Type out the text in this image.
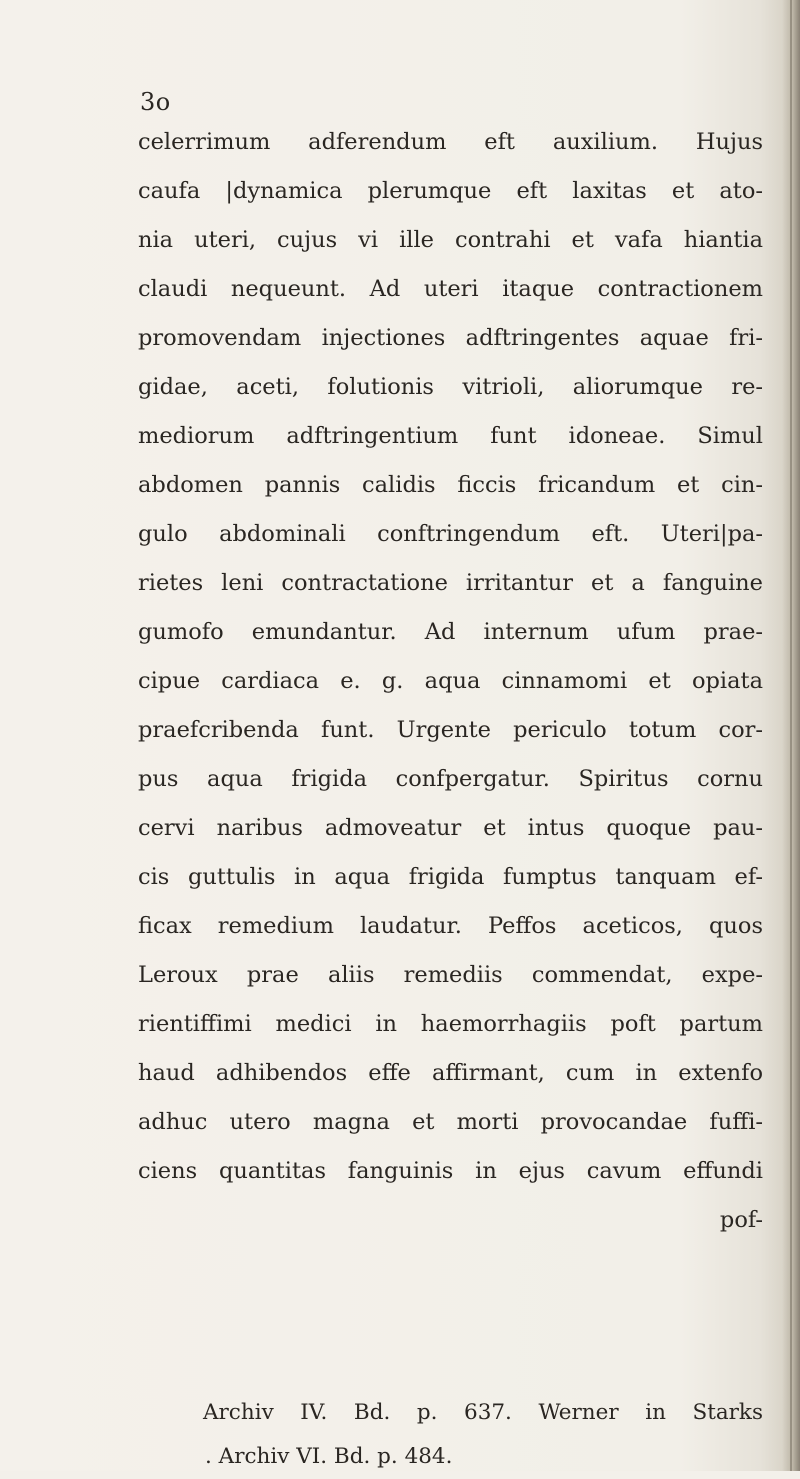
3o
celerrimum adferendum eft auxilium. Hujus
caufa |dynamica plerumque eft laxitas et ato-
nia uteri, cujus vi ille contrahi et vafa hiantia
claudi nequeunt. Ad uteri itaque contractionem
promovendam injectiones adftringentes aquae fri-
gidae, aceti, folutionis vitrioli, aliorumque re-
mediorum adftringentium funt idoneae. Simul
abdomen pannis calidis ficcis fricandum et cin-
gulo abdominali conftringendum eft. Uteri|pa-
rietes leni contractatione irritantur et a fanguine
gumofo emundantur. Ad internum ufum prae-
cipue cardiaca e. g. aqua cinnamomi et opiata
praefcribenda funt. Urgente periculo totum cor-
pus aqua frigida confpergatur. Spiritus cornu
cervi naribus admoveatur et intus quoque pau-
cis guttulis in aqua frigida fumptus tanquam ef-
ficax remedium laudatur. Peffos aceticos, quos
Leroux prae aliis remediis commendat, expe-
rientiffimi medici in haemorrhagiis poft partum
haud adhibendos effe affirmant, cum in extenfo
adhuc utero magna et morti provocandae fuffi-
ciens quantitas fanguinis in ejus cavum effundi
pof-
Archiv IV. Bd. p. 637. Werner in Starks
. Archiv VI. Bd. p. 484.
